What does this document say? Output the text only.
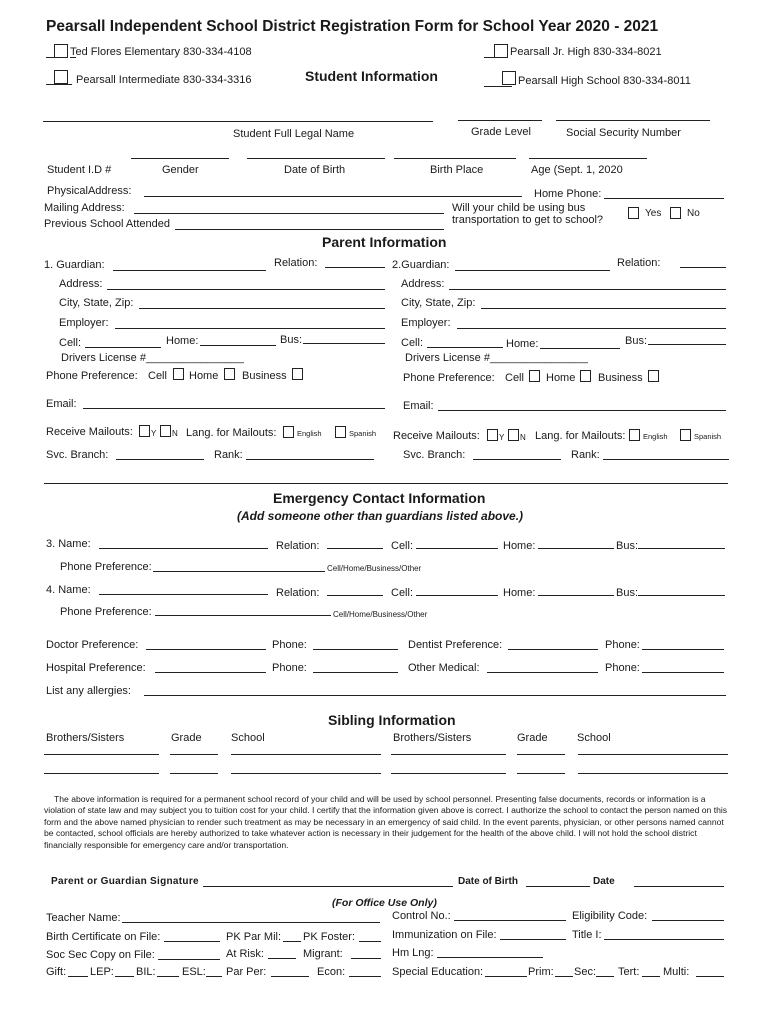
Pearsall Independent School District Registration Form for School Year 2020 - 2021
Ted Flores Elementary 830-334-4108	Pearsall Jr. High 830-334-8021
Pearsall Intermediate 830-334-3316	Student Information	Pearsall High School 830-334-8011
Student Full Legal Name	Grade Level	Social Security Number
Student I.D #	Gender	Date of Birth	Birth Place	Age (Sept. 1, 2020
PhysicalAddress:	Home Phone:
Mailing Address:	Will your child be using bus
transportation to get to school?
Yes	No
Previous School Attended
Parent Information
1. Guardian:	Relation:	2.Guardian:	Relation:
Address:	Address:
City, State, Zip:	City, State, Zip:
Employer:	Employer:
Cell:	Home:	Bus:	Cell:	Home:	Bus:
Drivers License #________________	Drivers License #________________
Phone Preference: Cell Home Business	Phone Preference: Cell Home Business
Email:	Email:
Receive Mailouts: Y N Lang. for Mailouts:	English	Spanish Receive Mailouts: Y N Lang. for Mailouts: English	Spanish
Svc. Branch:	Rank:	Svc. Branch:	Rank:
Emergency Contact Information
(Add someone other than guardians listed above.)
3. Name:	Relation:	Cell:	Home:	Bus:
Phone Preference:	Cell/Home/Business/Other
4. Name:	Relation:	Cell:	Home:	Bus:
Phone Preference:	Cell/Home/Business/Other
Doctor Preference:	Phone:	Dentist Preference:	Phone:
Hospital Preference:	Phone:	Other Medical:	Phone:
List any allergies:
Sibling Information
Brothers/Sisters	Grade	School	Brothers/Sisters	Grade	School
The above information is required for a permanent school record of your child and will be used by school personnel. Presenting false documents, records or information is a violation of state law and may subject you to tuition cost for your child. I certify that the information given above is correct. I authorize the school to contact the person named on this form and the above named physician to render such treatment as may be necessary in an emergency of said child. In the event parents, physician, or other persons named cannot be contacted, school officials are hereby authorized to take whatever action is necessary in their judgement for the health of the above child. I will not hold the school district financially responsible for emergency care and/or transportation.
Parent or Guardian Signature	Date of Birth	Date
(For Office Use Only)
Teacher Name:	Control No.:	Eligibility Code:
Birth Certificate on File:	PK Par Mil: PK Foster:	Immunization on File:	Title I:
Soc Sec Copy on File:	At Risk:	Migrant:	Hm Lng:
Gift: LEP: BIL: ESL: Par Per:	Econ:	Special Education:	Prim: Sec: Tert: Multi:
